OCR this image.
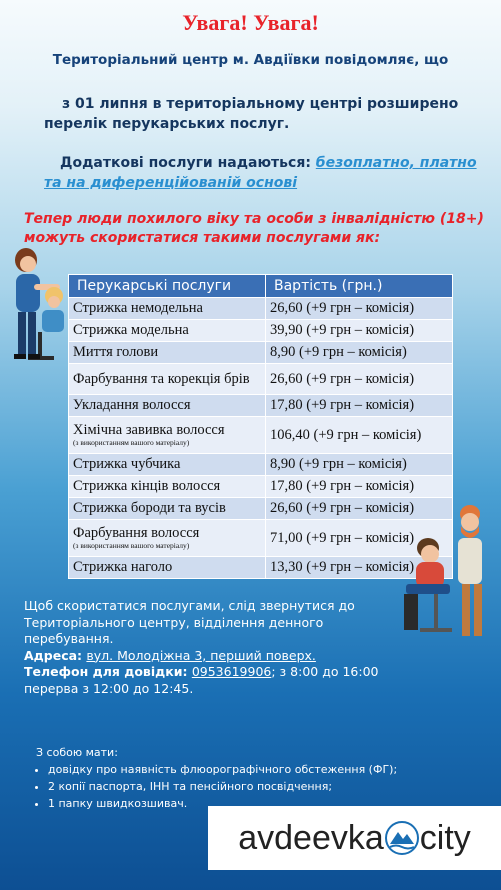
Увага! Увага!
Територіальний центр м. Авдіївки повідомляє, що
з 01 липня в територіальному центрі розширено перелік перукарських послуг.
Додаткові послуги надаються: безоплатно, платно та на диференційованій основі
Тепер люди похилого віку та особи з інвалідністю (18+) можуть скористатися такими послугами як:
Перукарські послуги	Вартість (грн.)
Стрижка немодельна	26,60 (+9 грн – комісія)
Стрижка модельна	39,90 (+9 грн – комісія)
Миття голови	8,90 (+9 грн – комісія)
Фарбування та корекція брів	26,60 (+9 грн – комісія)
Укладання волосся	17,80 (+9 грн – комісія)
Хімічна завивка волосся
(з використанням вашого матеріалу)	106,40 (+9 грн – комісія)
Стрижка чубчика	8,90 (+9 грн – комісія)
Стрижка кінців волосся	17,80 (+9 грн – комісія)
Стрижка бороди та вусів	26,60 (+9 грн – комісія)
Фарбування волосся
(з використанням вашого матеріалу)	71,00 (+9 грн – комісія)
Стрижка наголо	13,30 (+9 грн – комісія)
Щоб скористатися послугами, слід звернутися до Територіального центру, відділення денного перебування.
Адреса: вул. Молодіжна 3, перший поверх.
Телефон для довідки: 0953619906; з 8:00 до 16:00 перерва з 12:00 до 12:45.
З собою мати:
• довідку про наявність флюорографічного обстеження (ФГ);
• 2 копії паспорта, ІНН та пенсійного посвідчення;
• 1 папку швидкозшивач.
avdeevka city
